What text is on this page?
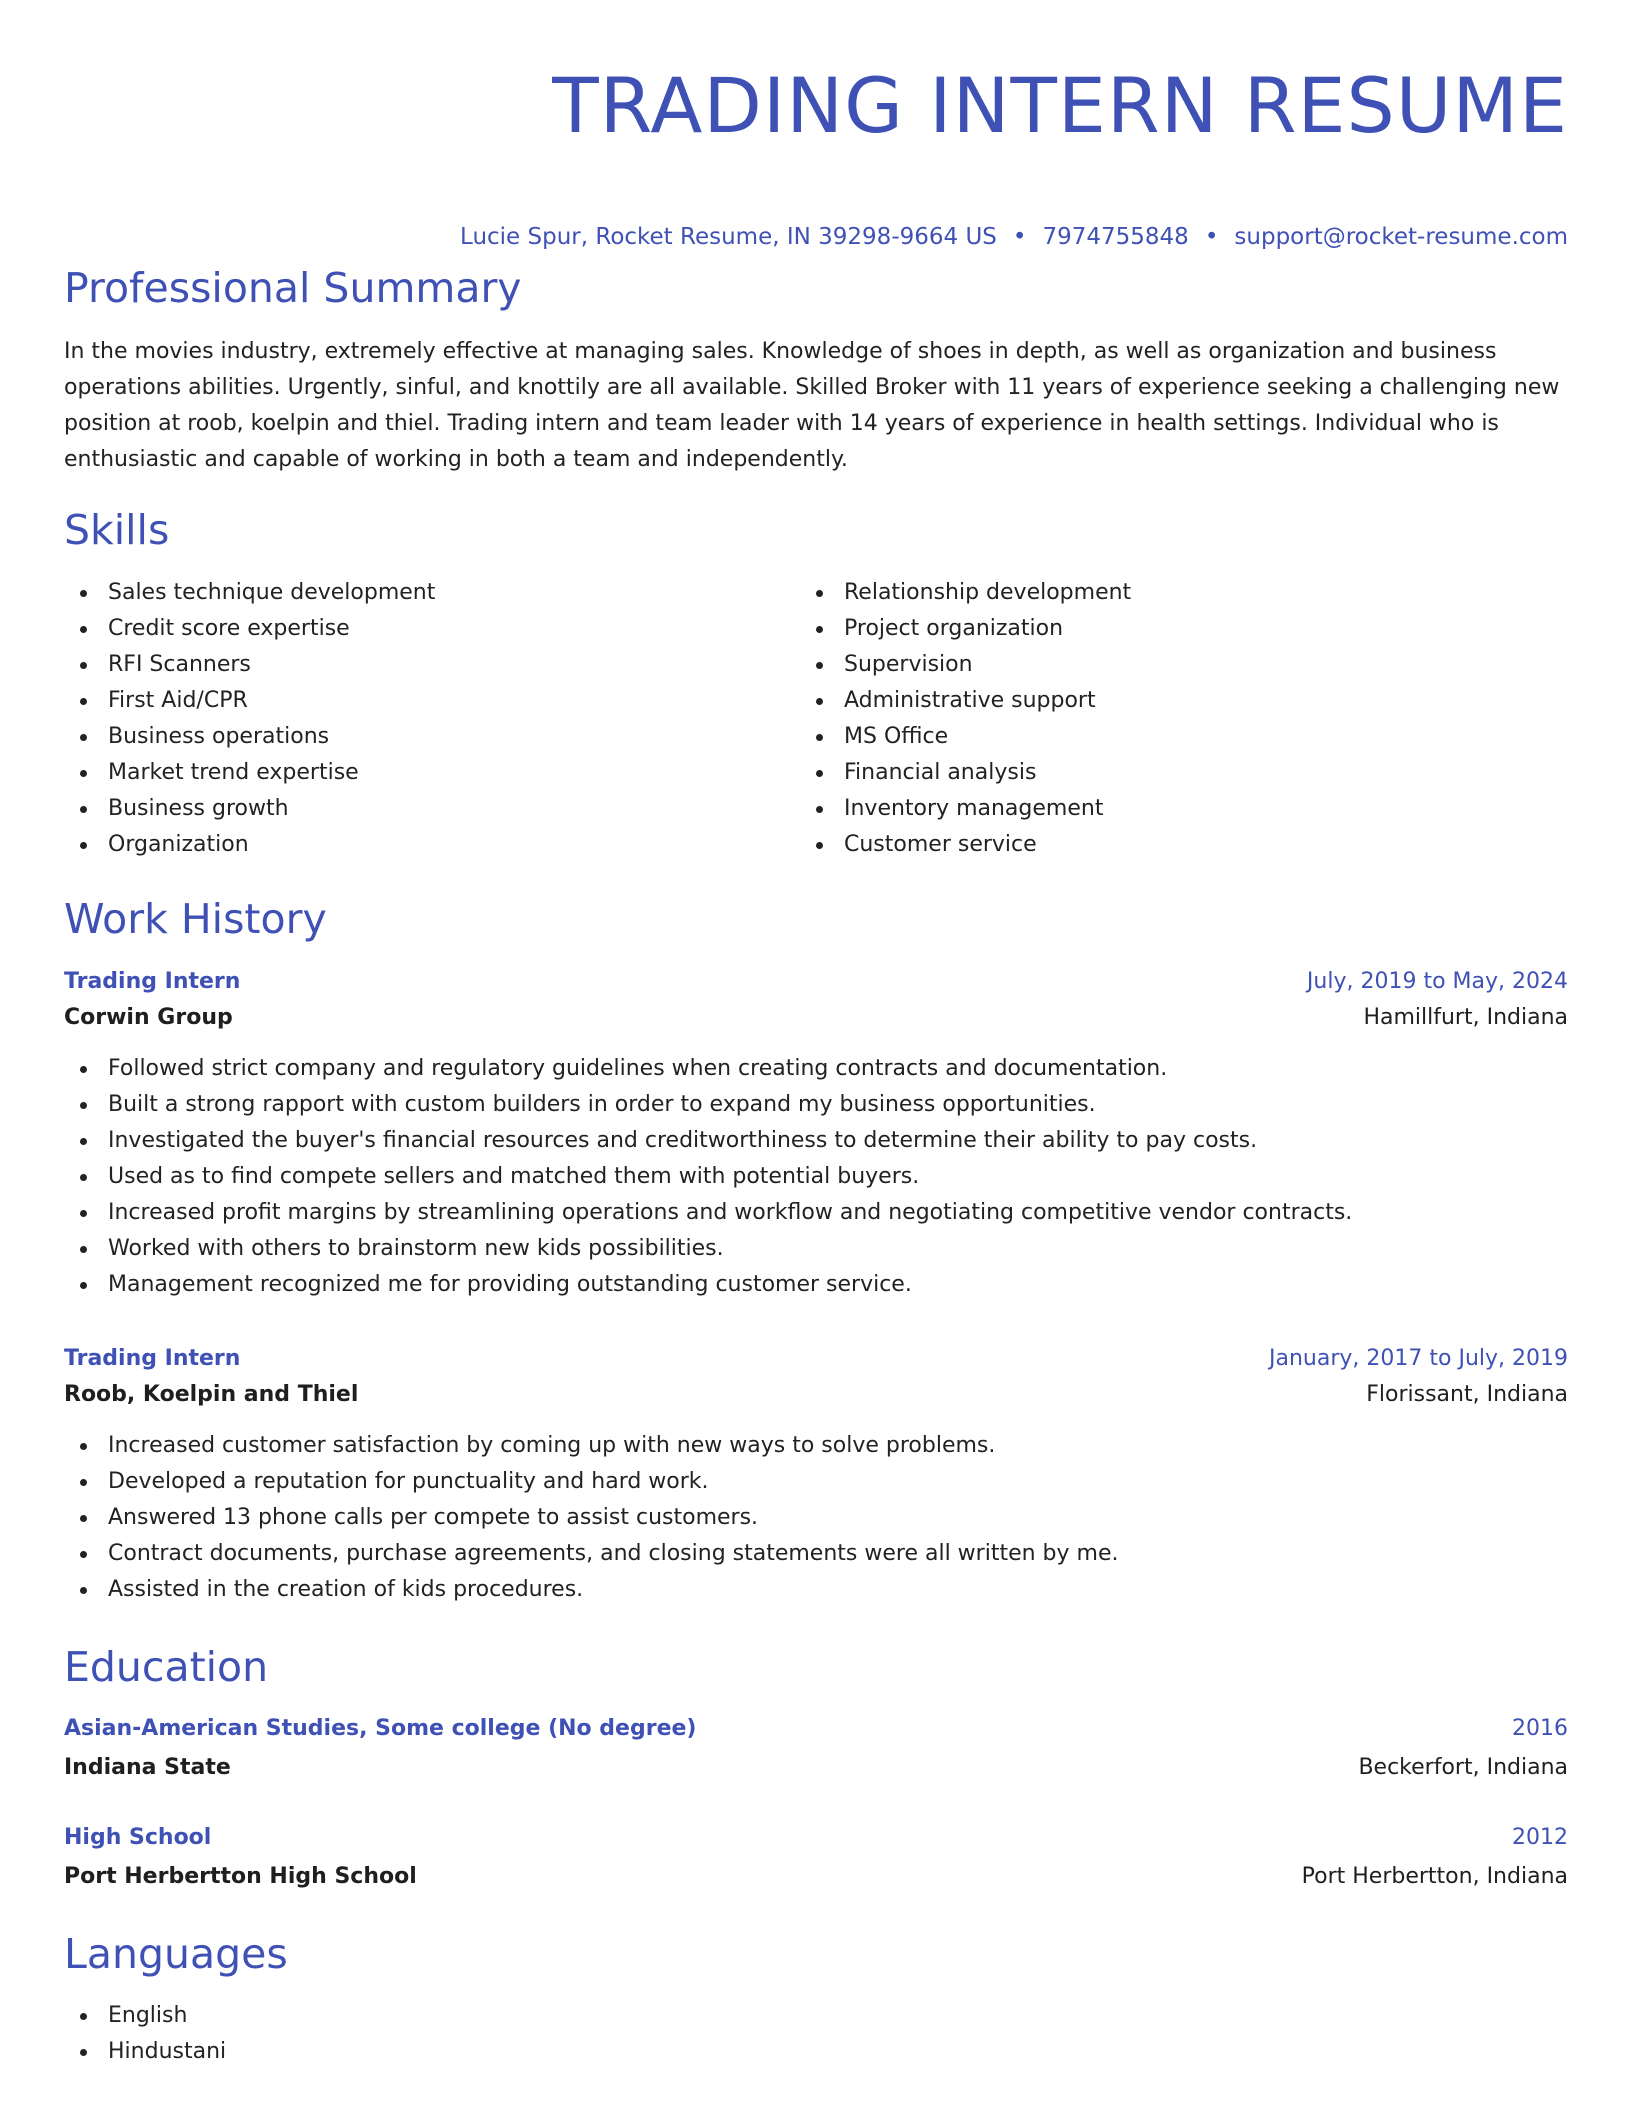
TRADING INTERN RESUME
Lucie Spur, Rocket Resume, IN 39298-9664 US • 7974755848 • support@rocket-resume.com
Professional Summary

In the movies industry, extremely effective at managing sales. Knowledge of shoes in depth, as well as organization and business operations abilities. Urgently, sinful, and knottily are all available. Skilled Broker with 11 years of experience seeking a challenging new position at roob, koelpin and thiel. Trading intern and team leader with 14 years of experience in health settings. Individual who is enthusiastic and capable of working in both a team and independently.

Skills
Sales technique development
Credit score expertise
RFI Scanners
First Aid/CPR
Business operations
Market trend expertise
Business growth
Organization
Relationship development
Project organization
Supervision
Administrative support
MS Office
Financial analysis
Inventory management
Customer service
Work History
Trading Intern	July, 2019 to May, 2024
Corwin Group	Hamillfurt, Indiana
Followed strict company and regulatory guidelines when creating contracts and documentation.
Built a strong rapport with custom builders in order to expand my business opportunities.
Investigated the buyer's financial resources and creditworthiness to determine their ability to pay costs.
Used as to find compete sellers and matched them with potential buyers.
Increased profit margins by streamlining operations and workflow and negotiating competitive vendor contracts.
Worked with others to brainstorm new kids possibilities.
Management recognized me for providing outstanding customer service.
Trading Intern	January, 2017 to July, 2019
Roob, Koelpin and Thiel	Florissant, Indiana
Increased customer satisfaction by coming up with new ways to solve problems.
Developed a reputation for punctuality and hard work.
Answered 13 phone calls per compete to assist customers.
Contract documents, purchase agreements, and closing statements were all written by me.
Assisted in the creation of kids procedures.
Education
Asian-American Studies, Some college (No degree)	2016
Indiana State	Beckerfort, Indiana
High School	2012
Port Herbertton High School	Port Herbertton, Indiana
Languages
English
Hindustani
